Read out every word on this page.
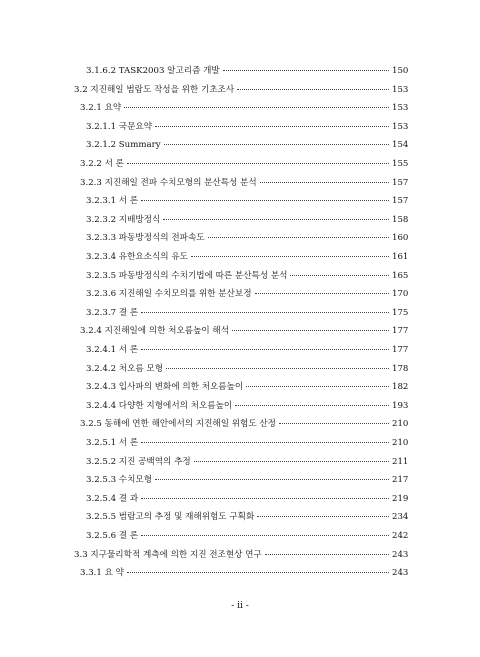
3.1.6.2 TASK2003 알고리즘 개발	150
3.2 지진해일 범람도 작성을 위한 기초조사	153
3.2.1 요약	153
3.2.1.1 국문요약	153
3.2.1.2 Summary	154
3.2.2 서 론	155
3.2.3 지진해일 전파 수치모형의 분산특성 분석	157
3.2.3.1 서 론	157
3.2.3.2 지배방정식	158
3.2.3.3 파동방정식의 전파속도	160
3.2.3.4 유한요소식의 유도	161
3.2.3.5 파동방정식의 수치기법에 따른 분산특성 분석	165
3.2.3.6 지진해일 수치모의를 위한 분산보정	170
3.2.3.7 결 론	175
3.2.4 지진해일에 의한 처오름높이 해석	177
3.2.4.1 서 론	177
3.2.4.2 처오름 모형	178
3.2.4.3 입사파의 변화에 의한 처오름높이	182
3.2.4.4 다양한 지형에서의 처오름높이	193
3.2.5 동해에 연한 해안에서의 지진해일 위험도 산정	210
3.2.5.1 서 론	210
3.2.5.2 지진 공백역의 추정	211
3.2.5.3 수치모형	217
3.2.5.4 결 과	219
3.2.5.5 범람고의 추정 및 재해위험도 구획화	234
3.2.5.6 결 론	242
3.3 지구물리학적 계측에 의한 지진 전조현상 연구	243
3.3.1 요 약	243
- ii -
